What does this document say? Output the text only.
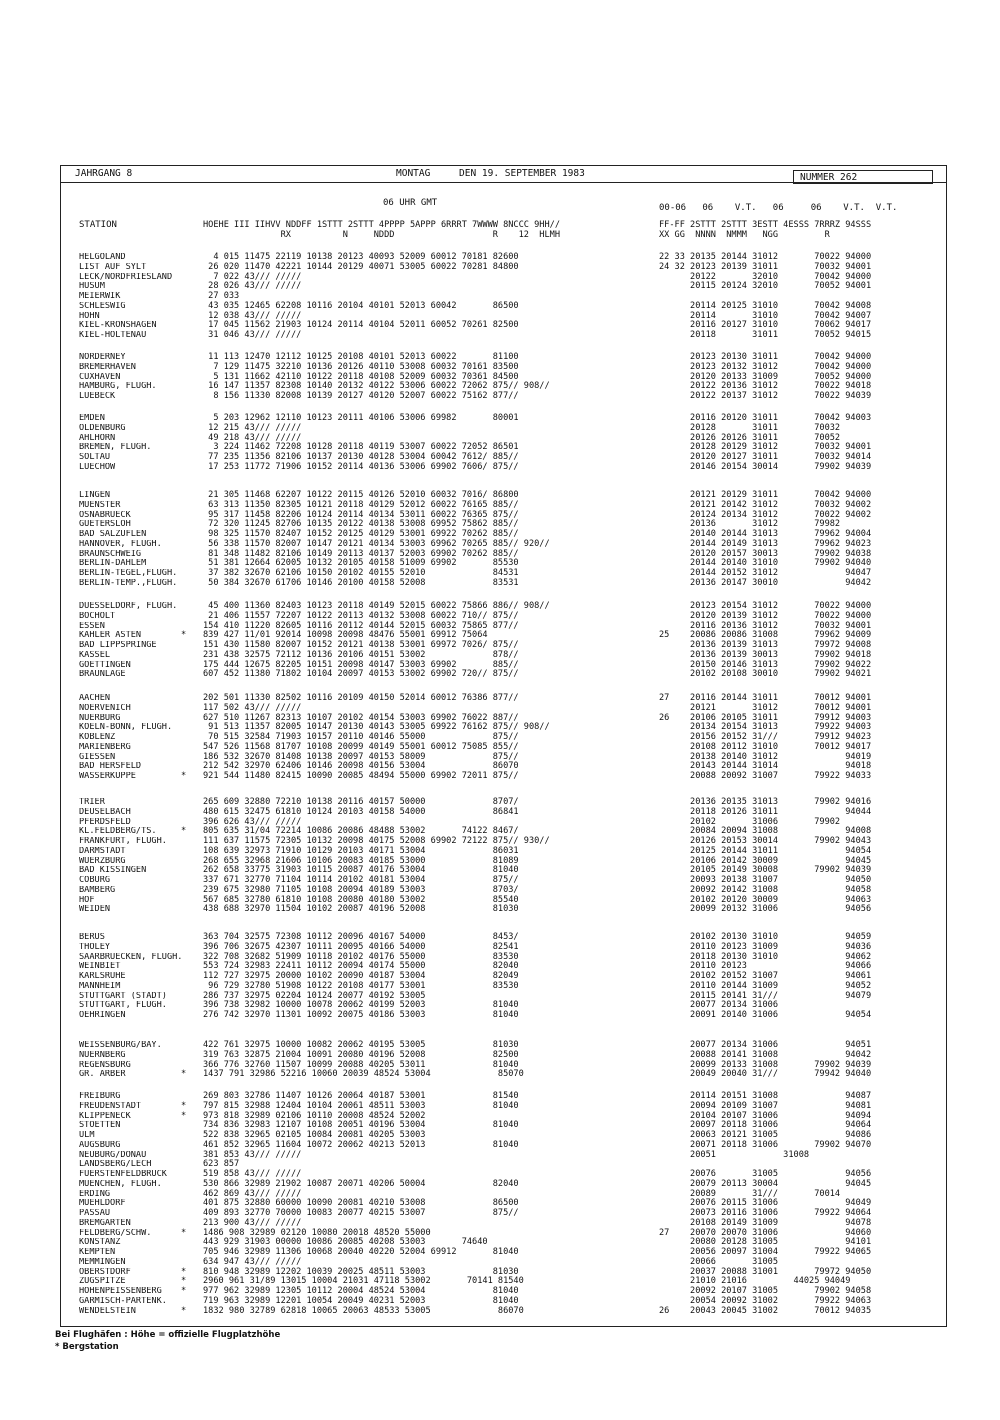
JAHRGANG 8	MONTAG	DEN 19. SEPTEMBER 1983	NUMMER 262
06 UHR GMT	00-06   06    V.T.   06     06    V.T.  V.T.
STATION	HOEHE III IIHVV NDDFF 1STTT 2STTT 4PPPP 5APPP 6RRRT 7WWWW 8NCCC 9HH//
RX          N     NDDD                   R    12  HLMH
FF-FF 2STTT 2STTT 3ESTT 4ESSS 7RRRZ 94SSS
XX GG  NNNN  NMMM   NGG         R
HELGOLAND	4 015 11475 22119 10138 20123 40093 52009 60012 70181 82600	22 33 20135 20144 31012       70022 94000
LIST AUF SYLT	26 020 11470 42221 10144 20129 40071 53005 60022 70281 84800	24 32 20123 20139 31011       70032 94001
LECK/NORDFRIESLAND	7 022 43/// /////	20122       32010       70042 94000
HUSUM	28 026 43/// /////	20115 20124 32010       70052 94001
MEIERWIK	27 033
SCHLESWIG	43 035 12465 62208 10116 20104 40101 52013 60042       86500	20114 20125 31010       70042 94008
HOHN	12 038 43/// /////	20114       31010       70042 94007
KIEL-KRONSHAGEN	17 045 11562 21903 10124 20114 40104 52011 60052 70261 82500	20116 20127 31010       70062 94017
KIEL-HOLTENAU	31 046 43/// /////	20118       31011       70052 94015
NORDERNEY	11 113 12470 12112 10125 20108 40101 52013 60022       81100	20123 20130 31011       70042 94000
BREMERHAVEN	7 129 11475 32210 10136 20126 40110 53008 60032 70161 83500	20123 20132 31012       70042 94000
CUXHAVEN	5 131 11662 42110 10122 20118 40108 52009 60032 70361 84500	20120 20133 31009       70052 94000
HAMBURG, FLUGH.	16 147 11357 82308 10140 20132 40122 53006 60022 72062 875// 908//	20122 20136 31012       70022 94018
LUEBECK	8 156 11330 82008 10139 20127 40120 52007 60022 75162 877//	20122 20137 31012       70022 94039
EMDEN	5 203 12962 12110 10123 20111 40106 53006 69982       80001	20116 20120 31011       70042 94003
OLDENBURG	12 215 43/// /////	20128       31011       70032
AHLHORN	49 218 43/// /////	20126 20126 31011       70052
BREMEN, FLUGH.	3 224 11462 72208 10128 20118 40119 53007 60022 72052 86501	20128 20129 31012       70032 94001
SOLTAU	77 235 11356 82106 10137 20130 40128 53004 60042 7612/ 885//	20120 20127 31011       70032 94014
LUECHOW	17 253 11772 71906 10152 20114 40136 53006 69902 7606/ 875//	20146 20154 30014       79902 94039
LINGEN	21 305 11468 62207 10122 20115 40126 52010 60032 7016/ 86800	20121 20129 31011       70042 94000
MUENSTER	63 313 11350 82305 10121 20118 40129 52012 60022 76165 885//	20121 20142 31012       70032 94002
OSNABRUECK	95 317 11458 82206 10124 20114 40134 53011 60022 76365 875//	20124 20134 31012       70022 94002
GUETERSLOH	72 320 11245 82706 10135 20122 40138 53008 69952 75862 885//	20136       31012       79982
BAD SALZUFLEN	98 325 11570 82407 10152 20125 40129 53001 69922 70262 885//	20140 20144 31013       79962 94004
HANNOVER, FLUGH.	56 338 11570 82007 10147 20121 40134 53003 69962 70265 885// 920//	20144 20149 31013       79962 94023
BRAUNSCHWEIG	81 348 11482 82106 10149 20113 40137 52003 69902 70262 885//	20120 20157 30013       79902 94038
BERLIN-DAHLEM	51 381 12664 62005 10132 20105 40158 51009 69902       85530	20144 20140 31010       79902 94040
BERLIN-TEGEL,FLUGH.	37 382 32670 62106 10150 20102 40155 52010             84531	20144 20152 31012             94047
BERLIN-TEMP.,FLUGH.	50 384 32670 61706 10146 20100 40158 52008             83531	20136 20147 30010             94042
DUESSELDORF, FLUGH.	45 400 11360 82403 10123 20118 40149 52015 60022 75866 886// 908//	20123 20154 31012       70022 94000
BOCHOLT	21 406 11557 72207 10122 20113 40132 53008 60022 710// 875//	20120 20139 31012       70022 94000
ESSEN	154 410 11220 82605 10116 20112 40144 52015 60032 75865 877//	20116 20136 31012       70032 94001
KAHLER ASTEN	* 839 427 11/01 92014 10098 20098 48476 55001 69912 75064	25    20086 20086 31008       79962 94009
BAD LIPPSPRINGE	151 430 11580 82007 10152 20121 40138 53001 69972 7026/ 875//	20136 20139 31013       79972 94008
KASSEL	231 438 32575 72112 10136 20106 40151 53002             878//	20136 20139 30013       79902 94018
GOETTINGEN	175 444 12675 82205 10151 20098 40147 53003 69902       885//	20150 20146 31013       79902 94022
BRAUNLAGE	607 452 11380 71802 10104 20097 40153 53002 69902 720// 875//	20102 20108 30010       79902 94021
AACHEN	202 501 11330 82502 10116 20109 40150 52014 60012 76386 877//	27    20116 20144 31011       70012 94001
NOERVENICH	117 502 43/// /////	20121       31012       70012 94001
NUERBURG	627 510 11267 82313 10107 20102 40154 53003 69902 76022 887//	26    20106 20105 31011       79912 94003
KOELN-BONN, FLUGH.	91 513 11357 82005 10147 20130 40143 53005 69922 76162 875// 908//	20134 20154 31013       79922 94003
KOBLENZ	70 515 32584 71903 10157 20110 40146 55000             875//	20156 20152 31///       79912 94023
MARIENBERG	547 526 11568 81707 10108 20099 40149 55001 60012 75085 855//	20108 20112 31010       70012 94017
GIESSEN	186 532 32670 81408 10138 20097 40153 58009             875//	20138 20140 31012             94019
BAD HERSFELD	212 542 32970 62406 10146 20098 40156 53004             86070	20143 20144 31014             94018
WASSERKUPPE	* 921 544 11480 82415 10090 20085 48494 55000 69902 72011 875//	20088 20092 31007       79922 94033
TRIER	265 609 32880 72210 10138 20116 40157 50000             8707/	20136 20135 31013       79902 94016
DEUSELBACH	480 615 32475 61810 10124 20103 40158 54000             86841	20118 20126 31011             94044
PFERDSFELD	396 626 43/// /////	20102       31006       79902
KL.FELDBERG/TS.	* 805 635 31/04 72214 10086 20086 48488 53002       74122 8467/	20084 20094 31008             94008
FRANKFURT, FLUGH.	111 637 11575 72305 10132 20098 40175 52008 69902 72122 875// 930//	20126 20153 30014       79902 94043
DARMSTADT	108 639 32973 71910 10129 20103 40171 53004             86031	20125 20144 31011             94054
WUERZBURG	268 655 32968 21606 10106 20083 40185 53000             81089	20106 20142 30009             94045
BAD KISSINGEN	262 658 33775 31903 10115 20087 40176 53004             81040	20105 20149 30008       79902 94039
COBURG	337 671 32770 71104 10114 20102 40181 53004             875//	20093 20138 31007             94050
BAMBERG	239 675 32980 71105 10108 20094 40189 53003             8703/	20092 20142 31008             94058
HOF	567 685 32780 61810 10108 20080 40180 53002             85540	20102 20120 30009             94063
WEIDEN	438 688 32970 11504 10102 20087 40196 52008             81030	20099 20132 31006             94056
BERUS	363 704 32575 72308 10112 20096 40167 54000             8453/	20102 20130 31010             94059
THOLEY	396 706 32675 42307 10111 20095 40166 54000             82541	20110 20123 31009             94036
SAARBRUECKEN, FLUGH.	322 708 32682 51909 10118 20102 40176 55000             83530	20118 20130 31010             94062
WEINBIET	553 724 32983 22411 10112 20094 40174 55000             82040	20110 20123                   94066
KARLSRUHE	112 727 32975 20000 10102 20090 40187 53004             82049	20102 20152 31007             94061
MANNHEIM	96 729 32780 51908 10122 20108 40177 53001             83530	20110 20144 31009             94052
STUTTGART (STADT)	286 737 32975 02204 10124 20077 40192 53005	20115 20141 31///             94079
STUTTGART, FLUGH.	396 738 32982 10000 10078 20062 40199 52003             81040	20077 20134 31006
OEHRINGEN	276 742 32970 11301 10092 20075 40186 53003             81040	20091 20140 31006             94054
WEISSENBURG/BAY.	422 761 32975 10000 10082 20062 40195 53005             81030	20077 20134 31006             94051
NUERNBERG	319 763 32875 21004 10091 20080 40196 52008             82500	20088 20141 31008             94042
REGENSBURG	366 776 32760 11507 10099 20088 40205 53011             81040	20099 20133 31008       79902 94039
GR. ARBER	* 1437 791 32986 52216 10060 20039 48524 53004             85070	20049 20040 31///       79942 94040
FREIBURG	269 803 32786 11407 10126 20064 40187 53001             81540	20114 20151 31008             94087
FREUDENSTADT	* 797 815 32988 12404 10104 20061 48511 53003             81040	20094 20109 31007             94081
KLIPPENECK	* 973 818 32989 02106 10110 20008 48524 52002	20104 20107 31006             94094
STOETTEN	734 836 32983 12107 10108 20051 40196 53004             81040	20097 20118 31006             94064
ULM	522 838 32965 02105 10084 20081 40205 53003	20063 20121 31005             94086
AUGSBURG	461 852 32965 11604 10072 20062 40213 52013             81040	20071 20118 31006       79902 94070
NEUBURG/DONAU	381 853 43/// /////	20051             31008
LANDSBERG/LECH	623 857
FUERSTENFELDBRUCK	519 858 43/// /////	20076       31005             94056
MUENCHEN, FLUGH.	530 866 32989 21902 10087 20071 40206 50004             82040	20079 20113 30004             94045
ERDING	462 869 43/// /////	20089       31///       70014
MUEHLDORF	401 875 32880 60000 10090 20081 40210 53008             86500	20076 20115 31006             94049
PASSAU	409 893 32770 70000 10083 20077 40215 53007             875//	20073 20116 31006       79922 94064
BREMGARTEN	213 900 43/// /////	20108 20149 31009             94078
FELDBERG/SCHW.	* 1486 908 32989 02120 10080 20018 48520 55000	27    20070 20070 31006             94060
KONSTANZ	443 929 31903 00000 10086 20085 40208 53003       74640	20080 20128 31005             94101
KEMPTEN	705 946 32989 11306 10068 20040 40220 52004 69912       81040	20056 20097 31004       79922 94065
MEMMINGEN	634 947 43/// /////	20066       31005
OBERSTDORF	* 810 948 32989 12202 10039 20025 48511 53003             81030	20037 20088 31001       79972 94050
ZUGSPITZE	* 2960 961 31/89 13015 10004 21031 47118 53002       70141 81540	21010 21016         44025 94049
HOHENPEISSENBERG	* 977 962 32989 12305 10112 20004 48524 53004             81040	20092 20107 31005       79902 94058
GARMISCH-PARTENK.	719 963 32989 12201 10054 20049 40231 52003             81040	20054 20092 31002       79922 94063
WENDELSTEIN	* 1832 980 32789 62818 10065 20063 48533 53005             86070	26    20043 20045 31002       70012 94035
Bei Flughäfen : Höhe = offizielle Flugplatzhöhe
* Bergstation
